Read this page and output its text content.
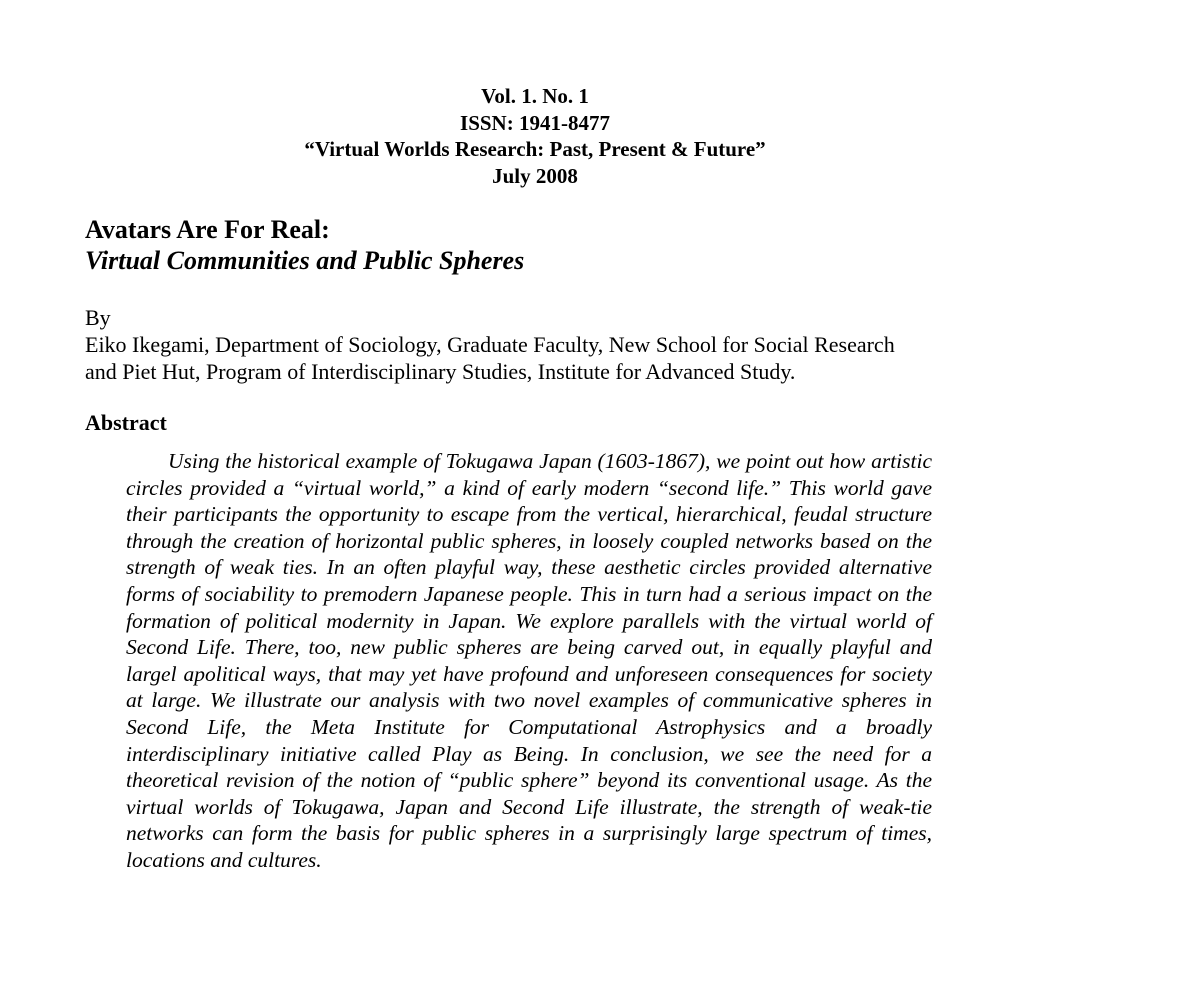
Vol. 1. No. 1
ISSN: 1941-8477
“Virtual Worlds Research: Past, Present & Future”
July 2008
Avatars Are For Real:
Virtual Communities and Public Spheres
By
Eiko Ikegami, Department of Sociology, Graduate Faculty, New School for Social Research
and Piet Hut, Program of Interdisciplinary Studies, Institute for Advanced Study.
Abstract
Using the historical example of Tokugawa Japan (1603-1867), we point out how artistic circles provided a “virtual world,” a kind of early modern “second life.” This world gave their participants the opportunity to escape from the vertical, hierarchical, feudal structure through the creation of horizontal public spheres, in loosely coupled networks based on the strength of weak ties. In an often playful way, these aesthetic circles provided alternative forms of sociability to premodern Japanese people. This in turn had a serious impact on the formation of political modernity in Japan. We explore parallels with the virtual world of Second Life. There, too, new public spheres are being carved out, in equally playful and largel apolitical ways, that may yet have profound and unforeseen consequences for society at large. We illustrate our analysis with two novel examples of communicative spheres in Second Life, the Meta Institute for Computational Astrophysics and a broadly interdisciplinary initiative called Play as Being. In conclusion, we see the need for a theoretical revision of the notion of “public sphere” beyond its conventional usage. As the virtual worlds of Tokugawa, Japan and Second Life illustrate, the strength of weak-tie networks can form the basis for public spheres in a surprisingly large spectrum of times, locations and cultures.
